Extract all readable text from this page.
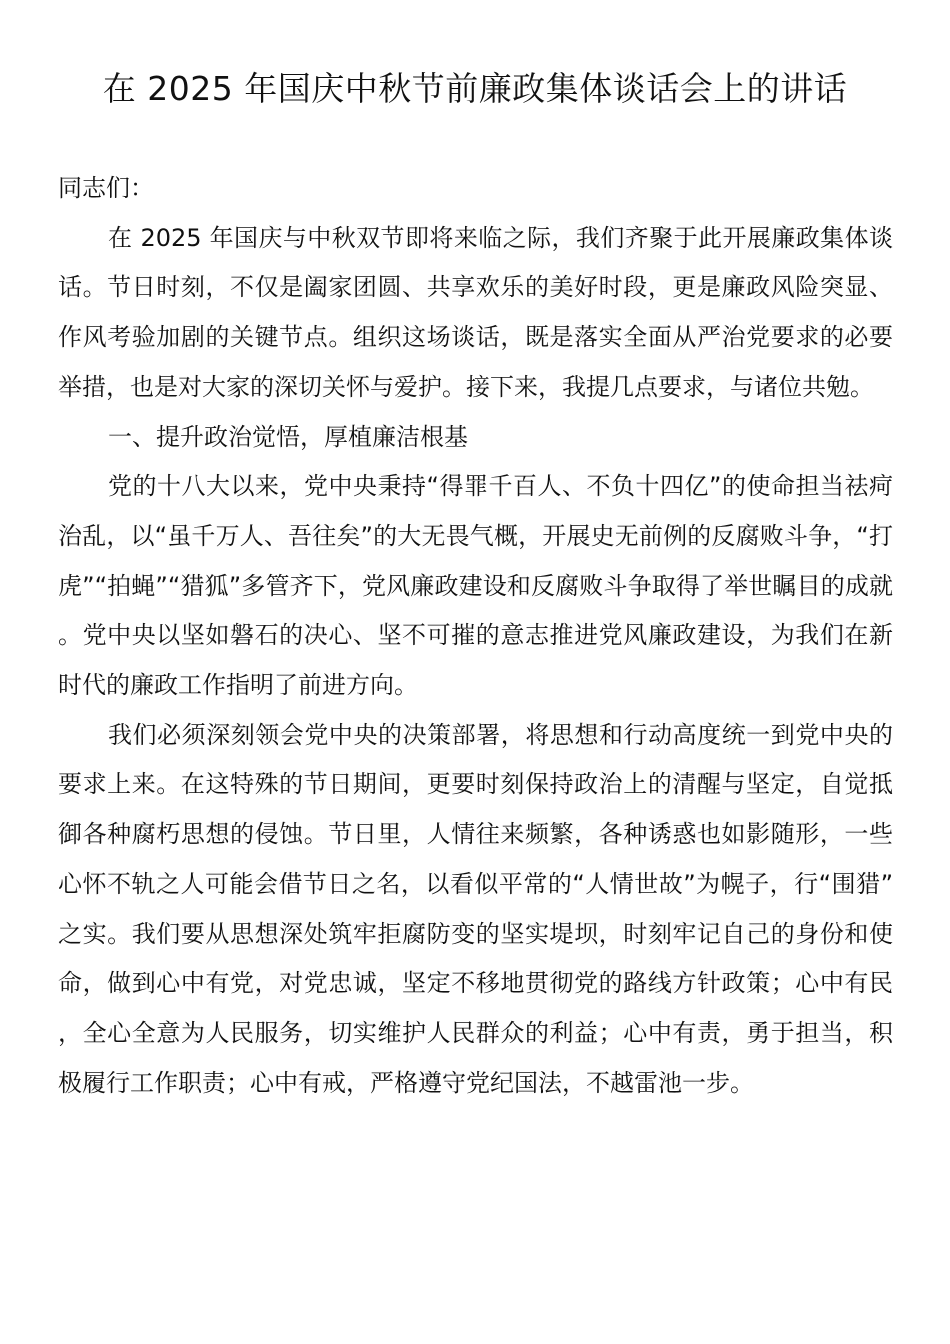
在 2025 年国庆中秋节前廉政集体谈话会上的讲话

同志们：

在 2025 年国庆与中秋双节即将来临之际，我们齐聚于此开展廉政集体谈话。节日时刻，不仅是阖家团圆、共享欢乐的美好时段，更是廉政风险突显、作风考验加剧的关键节点。组织这场谈话，既是落实全面从严治党要求的必要举措，也是对大家的深切关怀与爱护。接下来，我提几点要求，与诸位共勉。

一、提升政治觉悟，厚植廉洁根基

党的十八大以来，党中央秉持“得罪千百人、不负十四亿”的使命担当祛疴治乱，以“虽千万人、吾往矣”的大无畏气概，开展史无前例的反腐败斗争，“打虎”“拍蝇”“猎狐”多管齐下，党风廉政建设和反腐败斗争取得了举世瞩目的成就。党中央以坚如磐石的决心、坚不可摧的意志推进党风廉政建设，为我们在新时代的廉政工作指明了前进方向。

我们必须深刻领会党中央的决策部署，将思想和行动高度统一到党中央的要求上来。在这特殊的节日期间，更要时刻保持政治上的清醒与坚定，自觉抵御各种腐朽思想的侵蚀。节日里，人情往来频繁，各种诱惑也如影随形，一些心怀不轨之人可能会借节日之名，以看似平常的“人情世故”为幌子，行“围猎”之实。我们要从思想深处筑牢拒腐防变的坚实堤坝，时刻牢记自己的身份和使命，做到心中有党，对党忠诚，坚定不移地贯彻党的路线方针政策；心中有民，全心全意为人民服务，切实维护人民群众的利益；心中有责，勇于担当，积极履行工作职责；心中有戒，严格遵守党纪国法，不越雷池一步。
